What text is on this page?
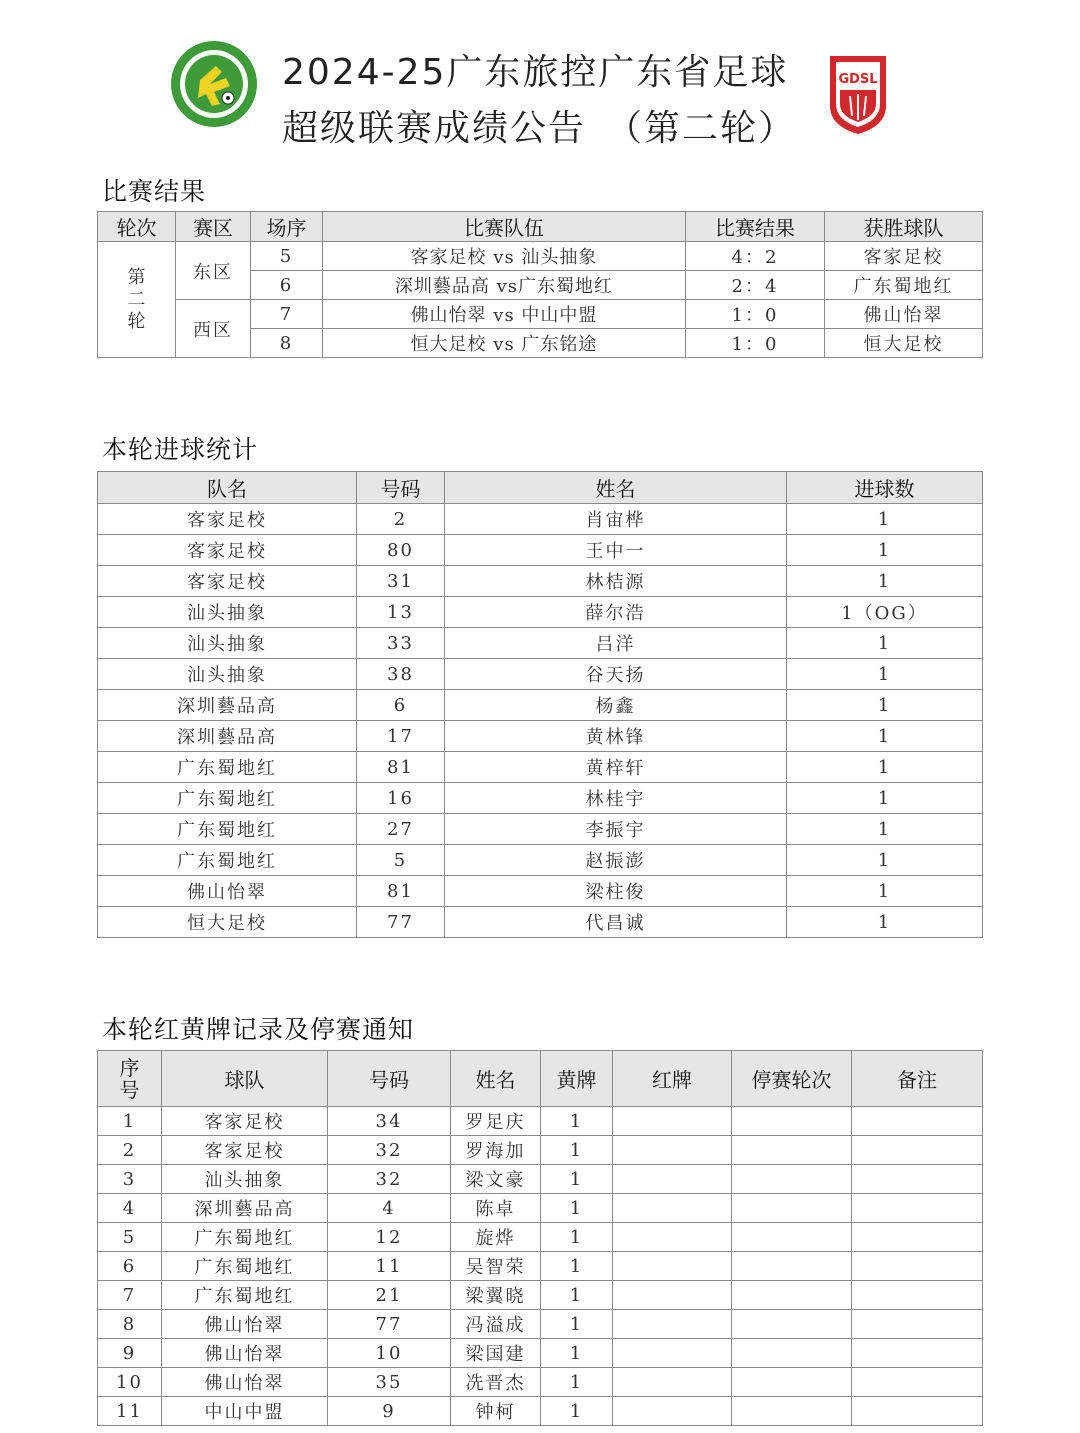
2024-25广东旅控广东省足球
超级联赛成绩公告　（第二轮）
GDSL
比赛结果
轮次	赛区	场序	比赛队伍	比赛结果	获胜球队

第
二
轮	东区	5	客家足校 vs 汕头抽象	4：2	客家足校
		6	深圳藝品高 vs广东蜀地红	2：4	广东蜀地红
	西区	7	佛山怡翠 vs 中山中盟	1：0	佛山怡翠
		8	恒大足校 vs 广东铭途	1：0	恒大足校
本轮进球统计
队名	号码	姓名	进球数
客家足校	2	肖宙桦	1
客家足校	80	王中一	1
客家足校	31	林桔源	1
汕头抽象	13	薛尔浩	1（OG）
汕头抽象	33	吕洋	1
汕头抽象	38	谷天扬	1
深圳藝品高	6	杨鑫	1
深圳藝品高	17	黄林锋	1
广东蜀地红	81	黄梓轩	1
广东蜀地红	16	林桂宇	1
广东蜀地红	27	李振宇	1
广东蜀地红	5	赵振澎	1
佛山怡翠	81	梁柱俊	1
恒大足校	77	代昌诚	1
本轮红黄牌记录及停赛通知
序
号	球队	号码	姓名	黄牌	红牌	停赛轮次	备注
1	客家足校	34	罗足庆	1			
2	客家足校	32	罗海加	1			
3	汕头抽象	32	梁文豪	1			
4	深圳藝品高	4	陈卓	1			
5	广东蜀地红	12	旋烨	1			
6	广东蜀地红	11	吴智荣	1			
7	广东蜀地红	21	梁翼晓	1			
8	佛山怡翠	77	冯溢成	1			
9	佛山怡翠	10	梁国建	1			
10	佛山怡翠	35	冼晋杰	1			
11	中山中盟	9	钟柯	1			
